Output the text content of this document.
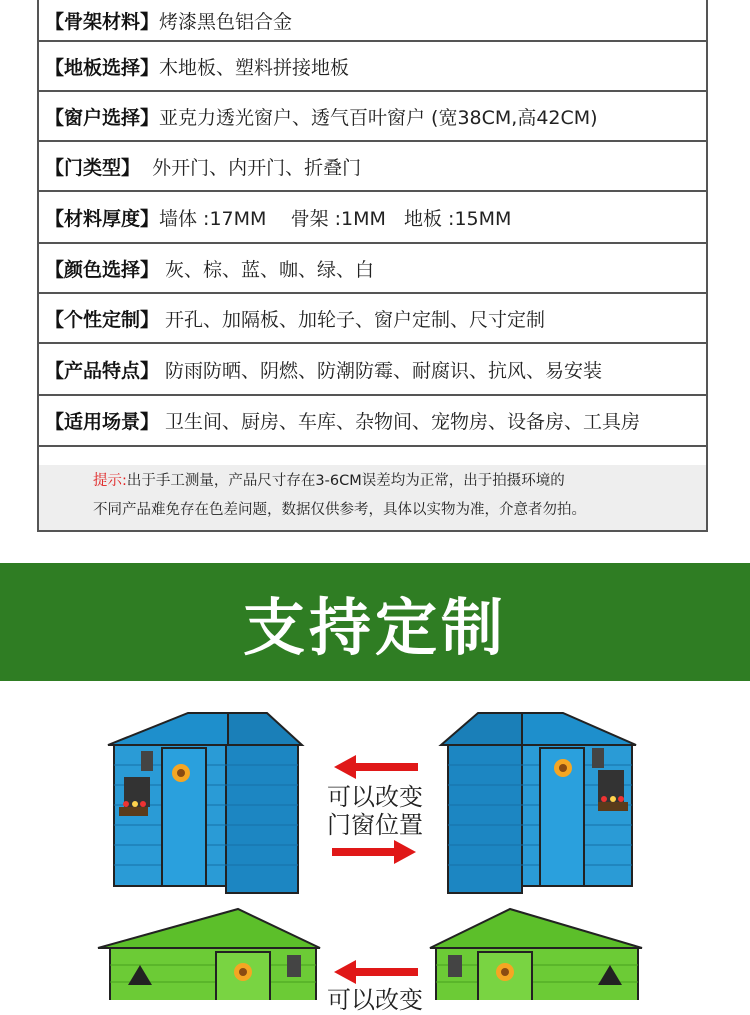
【骨架材料】 烤漆黑色铝合金
【地板选择】 木地板、塑料拼接地板
【窗户选择】 亚克力透光窗户、透气百叶窗户 (宽38CM,高42CM)
【门类型】 外开门、内开门、折叠门
【材料厚度】 墙体 :17MM    骨架 :1MM   地板 :15MM
【颜色选择】 灰、棕、蓝、咖、绿、白
【个性定制】 开孔、加隔板、加轮子、窗户定制、尺寸定制
【产品特点】 防雨防晒、阴燃、防潮防霉、耐腐识、抗风、易安装
【适用场景】 卫生间、厨房、车库、杂物间、宠物房、设备房、工具房
提示:出于手工测量，产品尺寸存在3-6CM误差均为正常，出于拍摄环境的
不同产品难免存在色差问题，数据仅供参考，具体以实物为准，介意者勿拍。
支持定制
可以改变
门窗位置
可以改变
